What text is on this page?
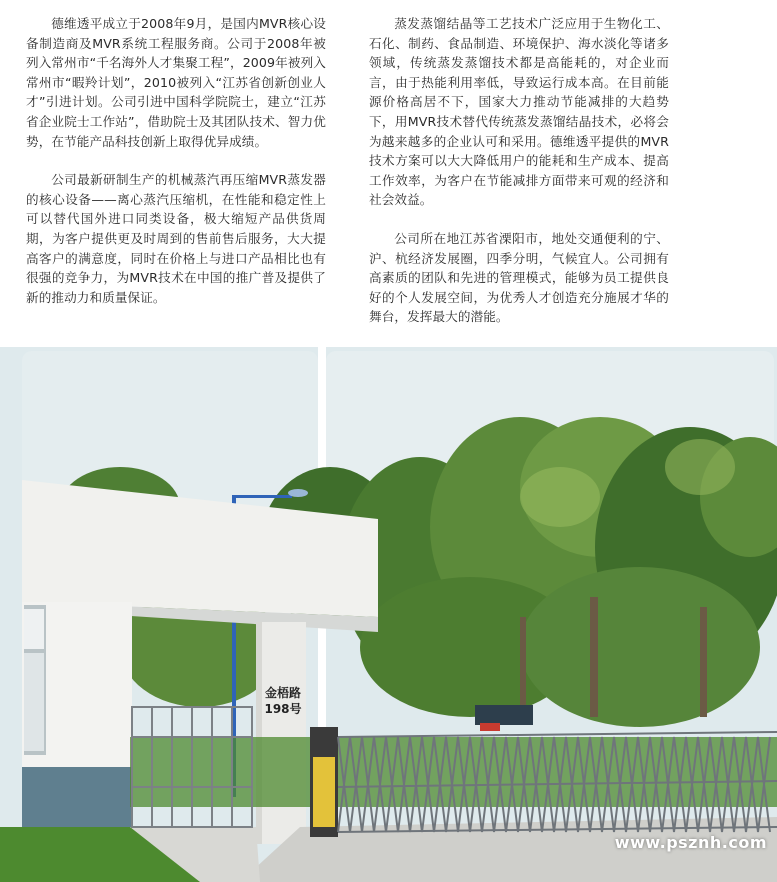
德维透平成立于2008年9月，是国内MVR核心设备制造商及MVR系统工程服务商。公司于2008年被列入常州市“千名海外人才集聚工程”，2009年被列入常州市“暇羚计划”，2010被列入“江苏省创新创业人才”引进计划。公司引进中国科学院院士，建立“江苏省企业院士工作站”，借助院士及其团队技术、智力优势，在节能产品科技创新上取得优异成绩。

公司最新研制生产的机械蒸汽再压缩MVR蒸发器的核心设备——离心蒸汽压缩机，在性能和稳定性上可以替代国外进口同类设备，极大缩短产品供货周期，为客户提供更及时周到的售前售后服务，大大提高客户的满意度，同时在价格上与进口产品相比也有很强的竞争力，为MVR技术在中国的推广普及提供了新的推动力和质量保证。

蒸发蒸馏结晶等工艺技术广泛应用于生物化工、石化、制药、食品制造、环境保护、海水淡化等诸多领域，传统蒸发蒸馏技术都是高能耗的，对企业而言，由于热能利用率低，导致运行成本高。在目前能源价格高居不下，国家大力推动节能减排的大趋势下，用MVR技术替代传统蒸发蒸馏结晶技术，必将会为越来越多的企业认可和采用。德维透平提供的MVR技术方案可以大大降低用户的能耗和生产成本、提高工作效率，为客户在节能减排方面带来可观的经济和社会效益。

公司所在地江苏省溧阳市，地处交通便利的宁、沪、杭经济发展圈，四季分明，气候宜人。公司拥有高素质的团队和先进的管理模式，能够为员工提供良好的个人发展空间，为优秀人才创造充分施展才华的舞台，发挥最大的潜能。

金梧路
198号
www.psznh.com
